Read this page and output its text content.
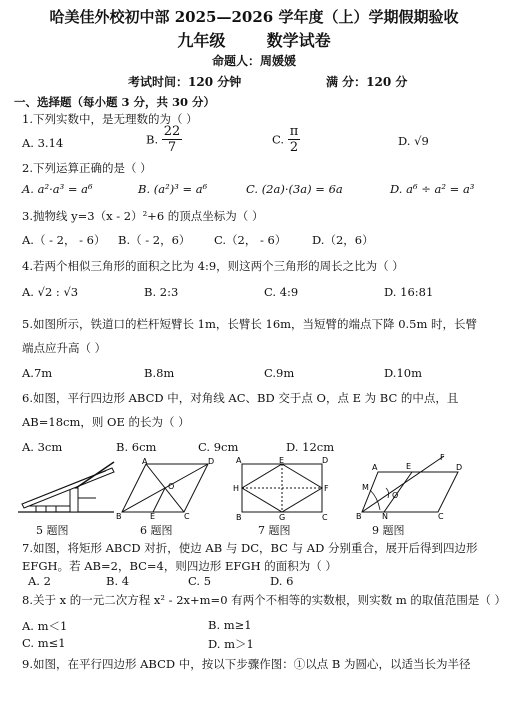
哈美佳外校初中部 2025—2026 学年度（上）学期假期验收
九年级	数学试卷
命题人：周媛媛
考试时间：120 分钟	满 分：120 分
一、选择题（每小题 3 分，共 30 分）
1.下列实数中，是无理数的为（ ）
A. 3.14	B. $\frac{22}{7}$	C. $\frac{\pi}{2}$	D. √9
2.下列运算正确的是（ ）
A. a²·a³ = a⁶	B. (a²)³ = a⁶	C. (2a)·(3a) = 6a	D. a⁶ ÷ a² = a³
3.抛物线 y=3（x - 2）²+6 的顶点坐标为（ ）
A.（ - 2， - 6） B.（ - 2，6） C.（2， - 6） D.（2，6）
4.若两个相似三角形的面积之比为 4:9，则这两个三角形的周长之比为（ ）
A. √2 : √3	B. 2:3	C. 4:9	D. 16:81
5.如图所示，铁道口的栏杆短臂长 1m，长臂长 16m，当短臂的端点下降 0.5m 时，长臂
端点应升高（ ）
A.7m	B.8m	C.9m	D.10m
6.如图，平行四边形 ABCD 中，对角线 AC、BD 交于点 O，点 E 为 BC 的中点，且
AB=18cm，则 OE 的长为（ ）
A. 3cm	B. 6cm	C. 9cm	D. 12cm
5 题图
A	D
B	E	C
O
6 题图
A	E	D
F
H
B	G	C
7 题图
A	E	D
F
M
O
B	N	C
9 题图
7.如图，将矩形 ABCD 对折，使边 AB 与 DC，BC 与 AD 分别重合，展开后得到四边形
EFGH。若 AB=2，BC=4，则四边形 EFGH 的面积为（ ）
A. 2	B. 4	C. 5	D. 6
8.关于 x 的一元二次方程 x² - 2x+m=0 有两个不相等的实数根，则实数 m 的取值范围是（ ）
A. m＜1	B. m≥1
C. m≤1	D. m＞1
9.如图，在平行四边形 ABCD 中，按以下步骤作图：①以点 B 为圆心，以适当长为半径
